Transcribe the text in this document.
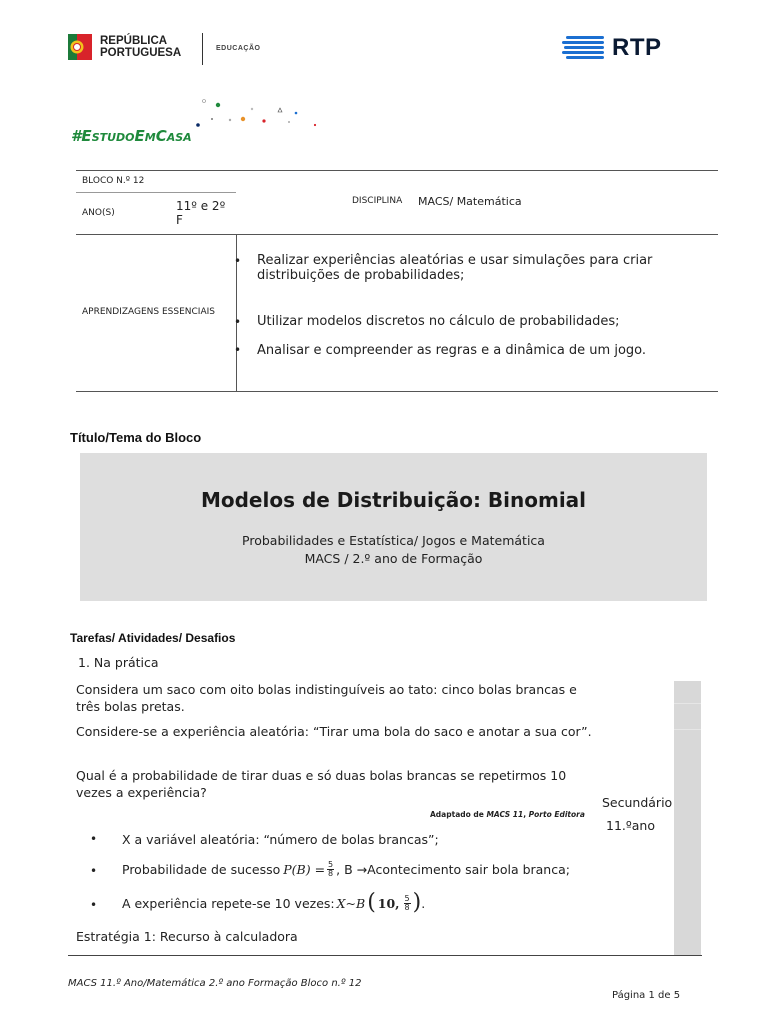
REPÚBLICA
PORTUGUESA	EDUCAÇÃO	RTP
#ESTUDOEMCASA
BLOCO N.º 12
ANO(S)	11º e 2º
F
DISCIPLINA MACS/ Matemática
APRENDIZAGENS ESSENCIAIS
• Realizar experiências aleatórias e usar simulações para criar distribuições de probabilidades;
• Utilizar modelos discretos no cálculo de probabilidades;
• Analisar e compreender as regras e a dinâmica de um jogo.
Título/Tema do Bloco
Modelos de Distribuição: Binomial
Probabilidades e Estatística/ Jogos e Matemática
MACS / 2.º ano de Formação
Tarefas/ Atividades/ Desafios
1. Na prática
Considera um saco com oito bolas indistinguíveis ao tato: cinco bolas brancas e três bolas pretas.
Considere-se a experiência aleatória: “Tirar uma bola do saco e anotar a sua cor”.
Qual é a probabilidade de tirar duas e só duas bolas brancas se repetirmos 10 vezes a experiência?
Adaptado de MACS 11, Porto Editora
Secundário
11.ºano
• X a variável aleatória: “número de bolas brancas”;
• Probabilidade de sucesso $P(B) = \frac{5}{8}$ , B →Acontecimento sair bola branca;
• A experiência repete-se 10 vezes: X~B ( 10, $\frac{5}{8}$ ) .
Estratégia 1: Recurso à calculadora
MACS 11.º Ano/Matemática 2.º ano Formação Bloco n.º 12
Página 1 de 5
